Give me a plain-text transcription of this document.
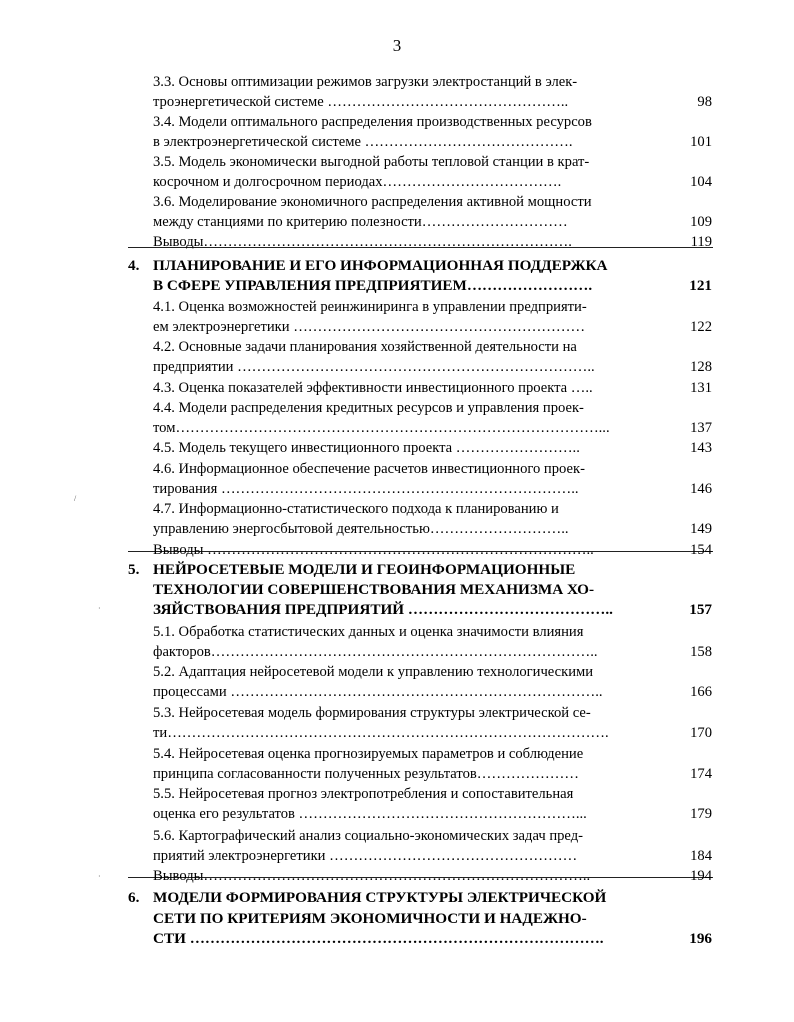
3
3.3. Основы оптимизации режимов загрузки электростанций в элек-
троэнергетической системе …………………………………………..	98
3.4. Модели оптимального распределения производственных ресурсов
в электроэнергетической системе …………………………………….	101
3.5. Модель экономически выгодной работы тепловой станции в крат-
косрочном и долгосрочном периодах……………………………….	104
3.6. Моделирование экономичного распределения активной мощности
между станциями по критерию полезности…………………………	109
Выводы………………………………………………………………….	119
4. ПЛАНИРОВАНИЕ И ЕГО ИНФОРМАЦИОННАЯ ПОДДЕРЖКА
В СФЕРЕ УПРАВЛЕНИЯ ПРЕДПРИЯТИЕМ…………………….	121
4.1. Оценка возможностей реинжиниринга в управлении предприяти-
ем электроэнергетики ……………………………………………………	122
4.2. Основные задачи планирования хозяйственной деятельности на
предприятии ………………………………………………………………..	128
4.3. Оценка показателей эффективности инвестиционного проекта …..	131
4.4. Модели распределения кредитных ресурсов и управления проек-
том……………………………………………………………………………...	137
4.5. Модель текущего инвестиционного проекта ……………………..	143
4.6. Информационное обеспечение расчетов инвестиционного проек-
тирования ………………………………………………………………..	146
4.7. Информационно-статистического подхода к планированию и
управлению энергосбытовой деятельностью………………………..	149
Выводы ……………………………………………………………………..	154
5. НЕЙРОСЕТЕВЫЕ МОДЕЛИ И ГЕОИНФОРМАЦИОННЫЕ
ТЕХНОЛОГИИ СОВЕРШЕНСТВОВАНИЯ МЕХАНИЗМА ХО-
ЗЯЙСТВОВАНИЯ ПРЕДПРИЯТИЙ …………………………………..	157
5.1. Обработка статистических данных и оценка значимости влияния
факторов……………………………………………………………………..	158
5.2. Адаптация нейросетевой модели к управлению технологическими
процессами …………………………………………………………………..	166
5.3. Нейросетевая модель формирования структуры электрической се-
ти……………………………………………………………………………….	170
5.4. Нейросетевая оценка прогнозируемых параметров и соблюдение
принципа согласованности полученных результатов…………………	174
5.5. Нейросетевая прогноз электропотребления и сопоставительная
оценка его результатов …………………………………………………...	179
5.6. Картографический анализ социально-экономических задач пред-
приятий электроэнергетики ……………………………………………	184
Выводы……………………………………………………………………..	194
6. МОДЕЛИ ФОРМИРОВАНИЯ СТРУКТУРЫ ЭЛЕКТРИЧЕСКОЙ
СЕТИ ПО КРИТЕРИЯМ ЭКОНОМИЧНОСТИ И НАДЕЖНО-
СТИ ……………………………………………………………………….	196
·
/
·
